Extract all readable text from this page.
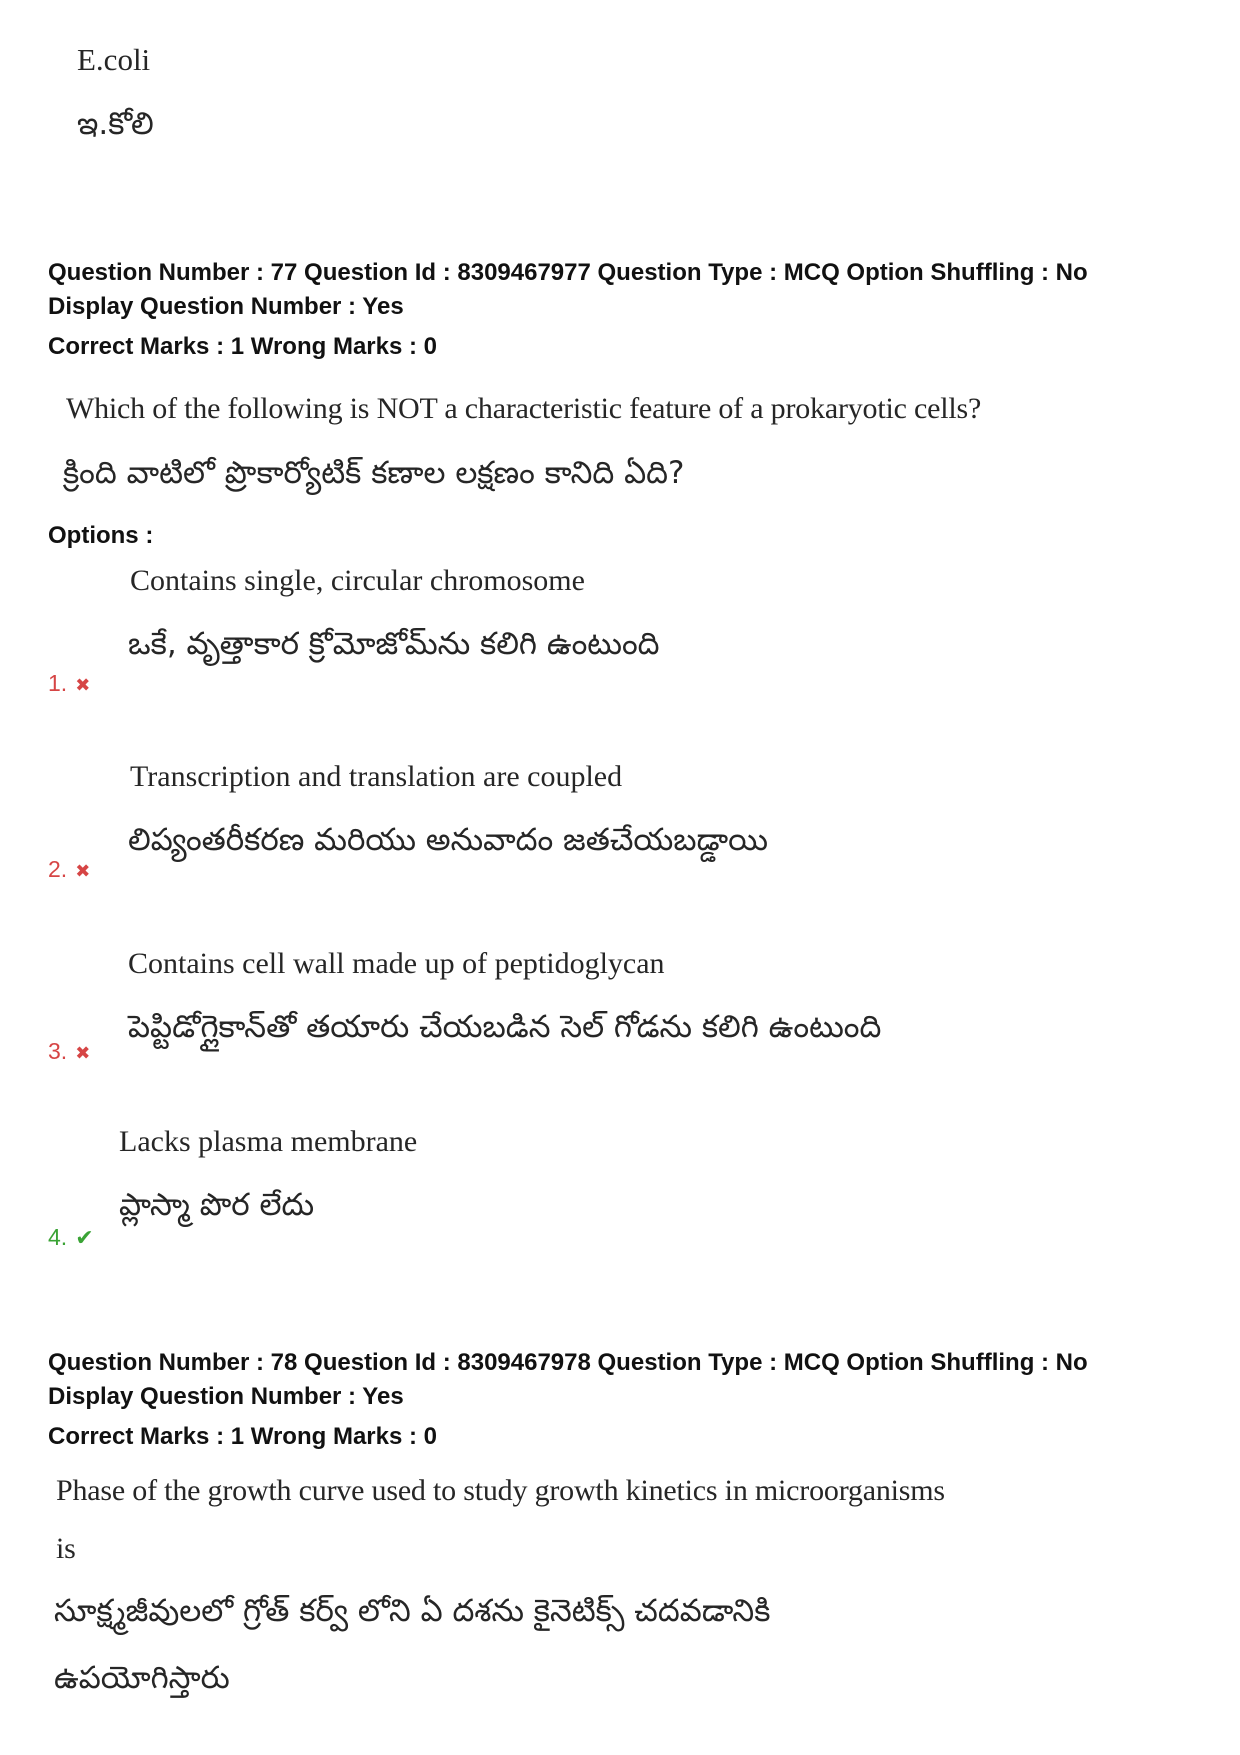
E.coli
ఇ.కోలి
Question Number : 77 Question Id : 8309467977 Question Type : MCQ Option Shuffling : No
Display Question Number : Yes
Correct Marks : 1 Wrong Marks : 0
Which of the following is NOT a characteristic feature of a prokaryotic cells?
క్రింది వాటిలో ప్రొకార్యోటిక్ కణాల లక్షణం కానిది ఏది?
Options :
Contains single, circular chromosome
ఒకే, వృత్తాకార క్రోమోజోమ్‌ను కలిగి ఉంటుంది
1. ✖
Transcription and translation are coupled
లిప్యంతరీకరణ మరియు అనువాదం జతచేయబడ్డాయి
2. ✖
Contains cell wall made up of peptidoglycan
పెప్టిడోగ్లైకాన్‌తో తయారు చేయబడిన సెల్ గోడను కలిగి ఉంటుంది
3. ✖
Lacks plasma membrane
ప్లాస్మా పొర లేదు
4. ✔
Question Number : 78 Question Id : 8309467978 Question Type : MCQ Option Shuffling : No
Display Question Number : Yes
Correct Marks : 1 Wrong Marks : 0
Phase of the growth curve used to study growth kinetics in microorganisms
is
సూక్ష్మజీవులలో గ్రోత్ కర్వ్ లోని ఏ దశను కైనెటిక్స్ చదవడానికి
ఉపయోగిస్తారు
